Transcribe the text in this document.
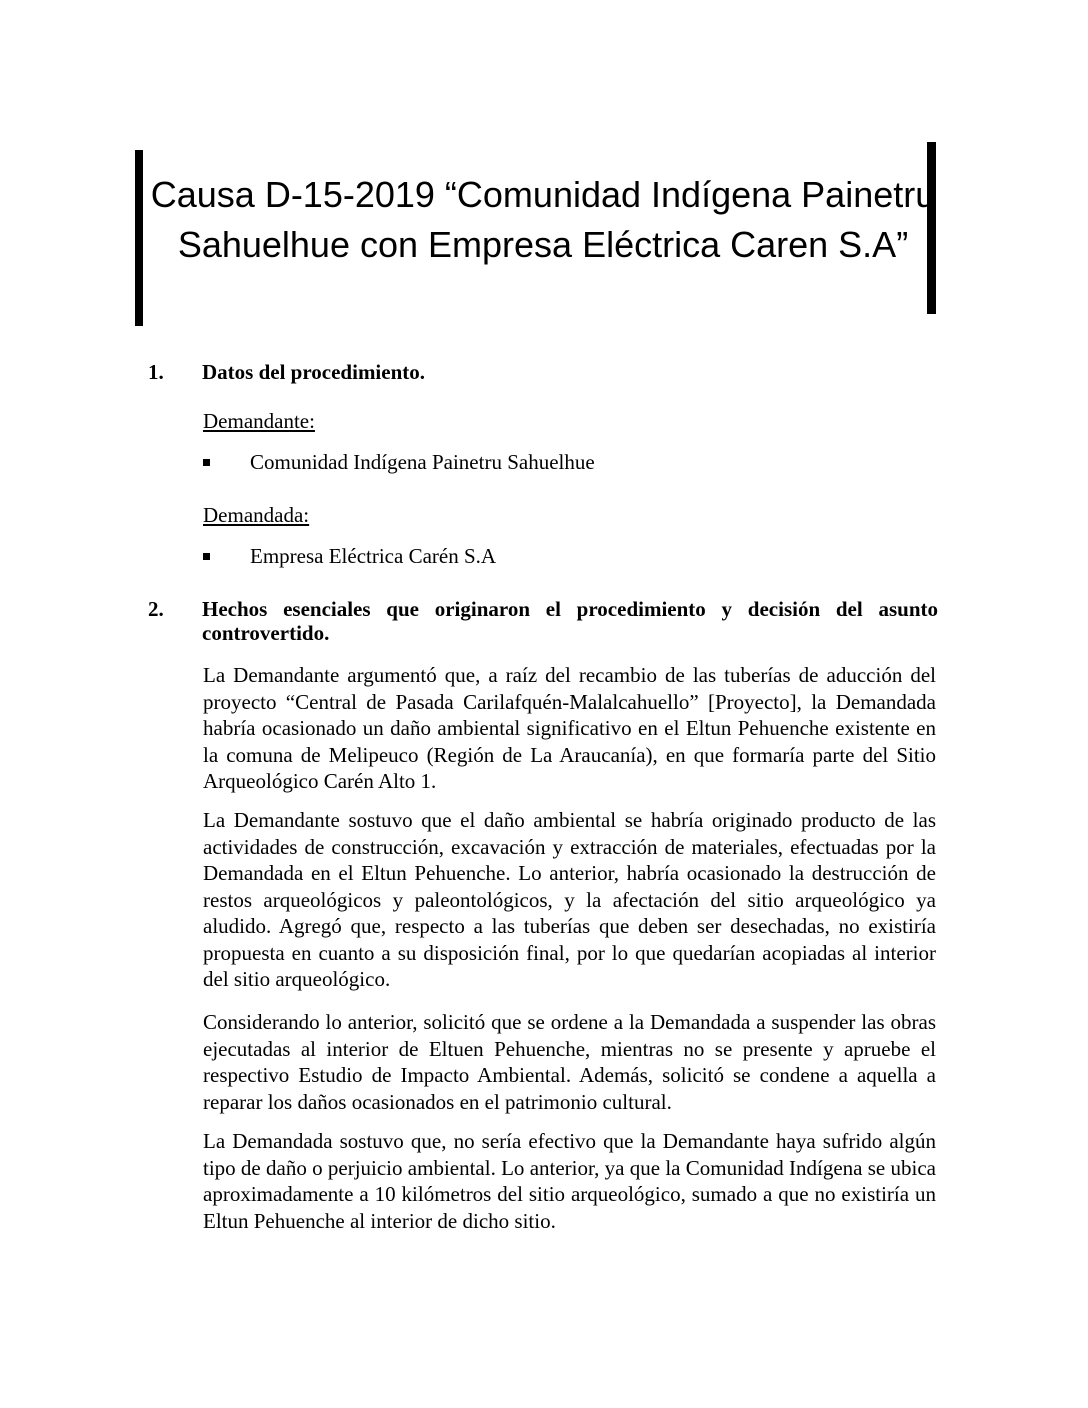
Causa D-15-2019 “Comunidad Indígena Painetru
Sahuelhue con Empresa Eléctrica Caren S.A”
1.	Datos del procedimiento.
Demandante:
Comunidad Indígena Painetru Sahuelhue
Demandada:
Empresa Eléctrica Carén S.A
2.	Hechos esenciales que originaron el procedimiento y decisión del asunto controvertido.

La Demandante argumentó que, a raíz del recambio de las tuberías de aducción del proyecto “Central de Pasada Carilafquén-Malalcahuello” [Proyecto], la Demandada habría ocasionado un daño ambiental significativo en el Eltun Pehuenche existente en la comuna de Melipeuco (Región de La Araucanía), en que formaría parte del Sitio Arqueológico Carén Alto 1.

La Demandante sostuvo que el daño ambiental se habría originado producto de las actividades de construcción, excavación y extracción de materiales, efectuadas por la Demandada en el Eltun Pehuenche. Lo anterior, habría ocasionado la destrucción de restos arqueológicos y paleontológicos, y la afectación del sitio arqueológico ya aludido. Agregó que, respecto a las tuberías que deben ser desechadas, no existiría propuesta en cuanto a su disposición final, por lo que quedarían acopiadas al interior del sitio arqueológico.

Considerando lo anterior, solicitó que se ordene a la Demandada a suspender las obras ejecutadas al interior de Eltuen Pehuenche, mientras no se presente y apruebe el respectivo Estudio de Impacto Ambiental. Además, solicitó se condene a aquella a reparar los daños ocasionados en el patrimonio cultural.

La Demandada sostuvo que, no sería efectivo que la Demandante haya sufrido algún tipo de daño o perjuicio ambiental. Lo anterior, ya que la Comunidad Indígena se ubica aproximadamente a 10 kilómetros del sitio arqueológico, sumado a que no existiría un Eltun Pehuenche al interior de dicho sitio.
